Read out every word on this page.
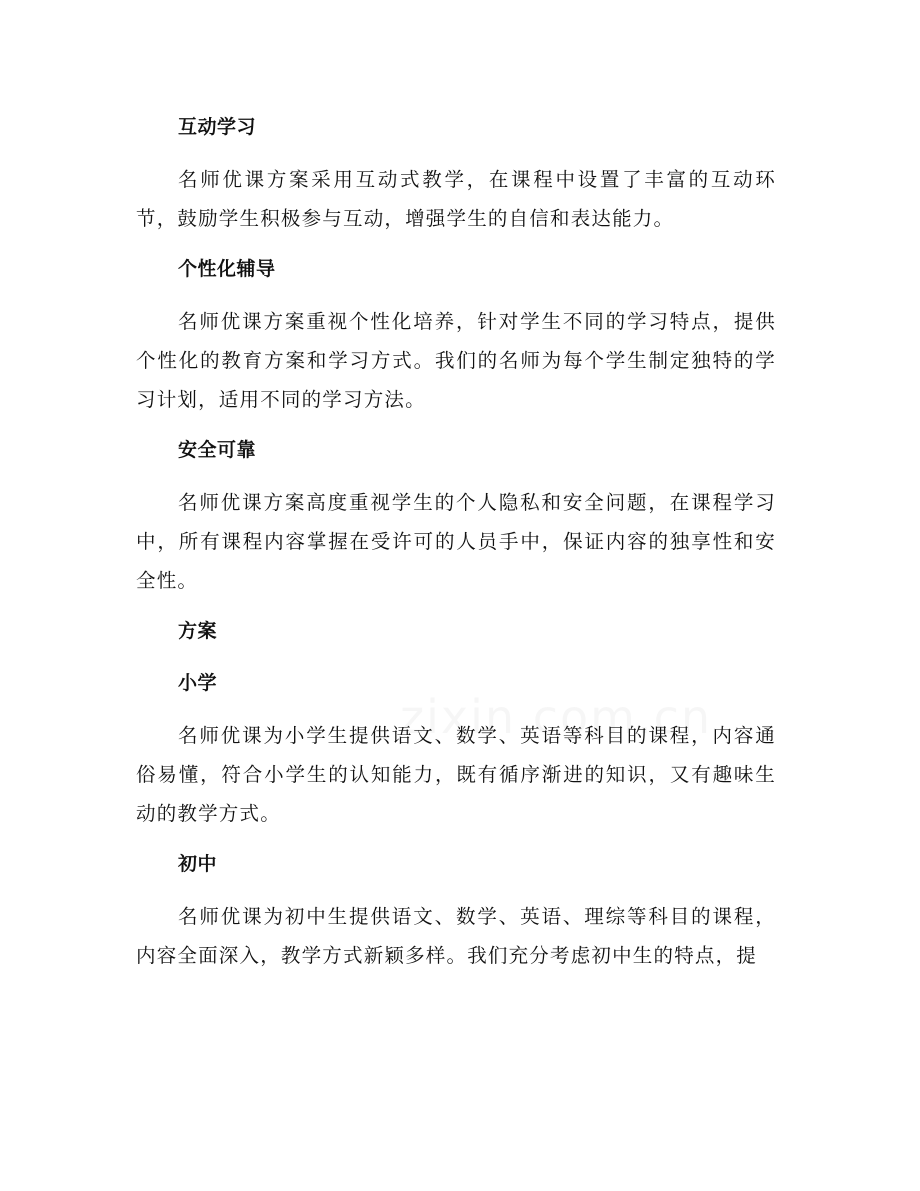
互动学习
名师优课方案采用互动式教学，在课程中设置了丰富的互动环节，鼓励学生积极参与互动，增强学生的自信和表达能力。
个性化辅导
名师优课方案重视个性化培养，针对学生不同的学习特点，提供个性化的教育方案和学习方式。我们的名师为每个学生制定独特的学习计划，适用不同的学习方法。
安全可靠
名师优课方案高度重视学生的个人隐私和安全问题，在课程学习中，所有课程内容掌握在受许可的人员手中，保证内容的独享性和安全性。
方案
小学
名师优课为小学生提供语文、数学、英语等科目的课程，内容通俗易懂，符合小学生的认知能力，既有循序渐进的知识，又有趣味生动的教学方式。
初中
名师优课为初中生提供语文、数学、英语、理综等科目的课程，内容全面深入，教学方式新颖多样。我们充分考虑初中生的特点，提
